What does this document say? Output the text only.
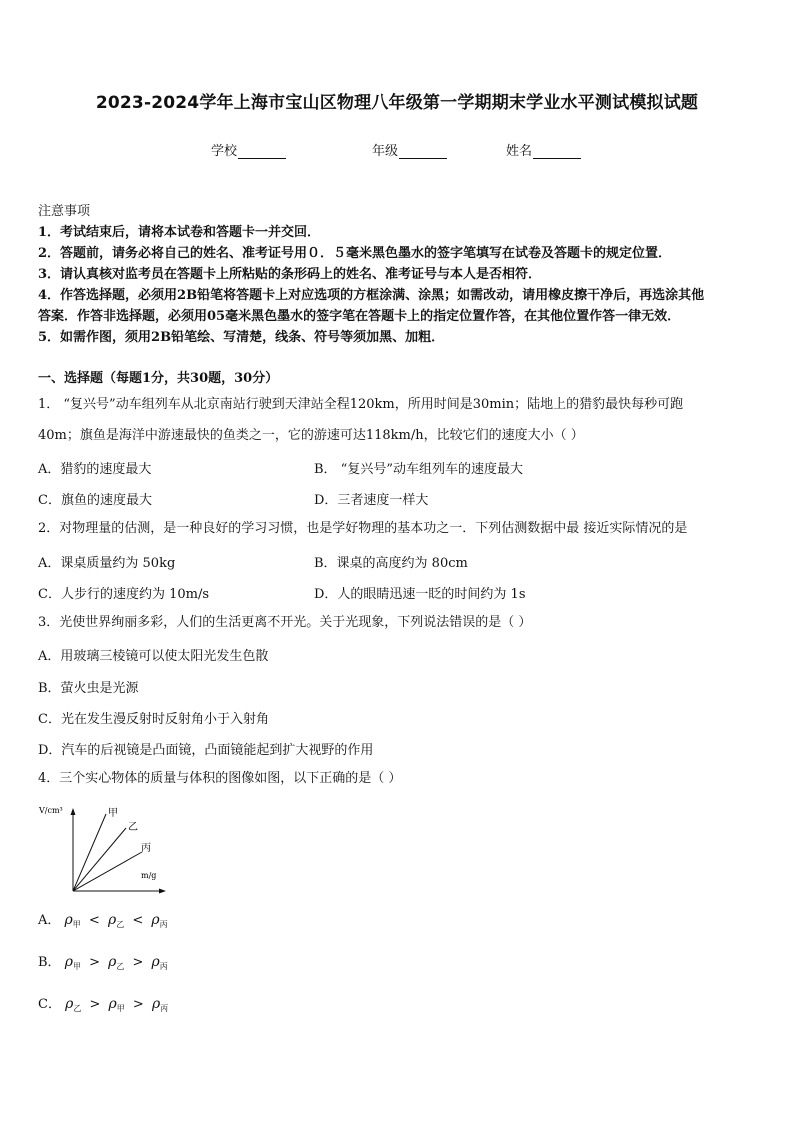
2023-2024学年上海市宝山区物理八年级第一学期期末学业水平测试模拟试题
学校	年级	姓名
注意事项
1．考试结束后，请将本试卷和答题卡一并交回．
2．答题前，请务必将自己的姓名、准考证号用０．５毫米黑色墨水的签字笔填写在试卷及答题卡的规定位置．
3．请认真核对监考员在答题卡上所粘贴的条形码上的姓名、准考证号与本人是否相符．
4．作答选择题，必须用2B铅笔将答题卡上对应选项的方框涂满、涂黑；如需改动，请用橡皮擦干净后，再选涂其他
答案．作答非选择题，必须用05毫米黑色墨水的签字笔在答题卡上的指定位置作答，在其他位置作答一律无效．
5．如需作图，须用2B铅笔绘、写清楚，线条、符号等须加黑、加粗．
一、选择题（每题1分，共30题，30分）
1． “复兴号”动车组列车从北京南站行驶到天津站全程120km，所用时间是30min；陆地上的猎豹最快每秒可跑
40m；旗鱼是海洋中游速最快的鱼类之一，它的游速可达118km/h，比较它们的速度大小（ ）
A．猎豹的速度最大	B． “复兴号”动车组列车的速度最大
C．旗鱼的速度最大	D．三者速度一样大
2．对物理量的估测，是一种良好的学习习惯，也是学好物理的基本功之一．下列估测数据中最 接近实际情况的是
A．课桌质量约为 50kg	B．课桌的高度约为 80cm
C．人步行的速度约为 10m/s	D．人的眼睛迅速一眨的时间约为 1s
3．光使世界绚丽多彩，人们的生活更离不开光。关于光现象，下列说法错误的是（ ）
A．用玻璃三棱镜可以使太阳光发生色散
B．萤火虫是光源
C．光在发生漫反射时反射角小于入射角
D．汽车的后视镜是凸面镜，凸面镜能起到扩大视野的作用
4．三个实心物体的质量与体积的图像如图，以下正确的是（ ）
V/cm³
m/g
甲
乙
丙
A． $\rho_甲 < \rho_乙 < \rho_丙$
B． $\rho_甲 > \rho_乙 > \rho_丙$
C． $\rho_乙 > \rho_甲 > \rho_丙$
